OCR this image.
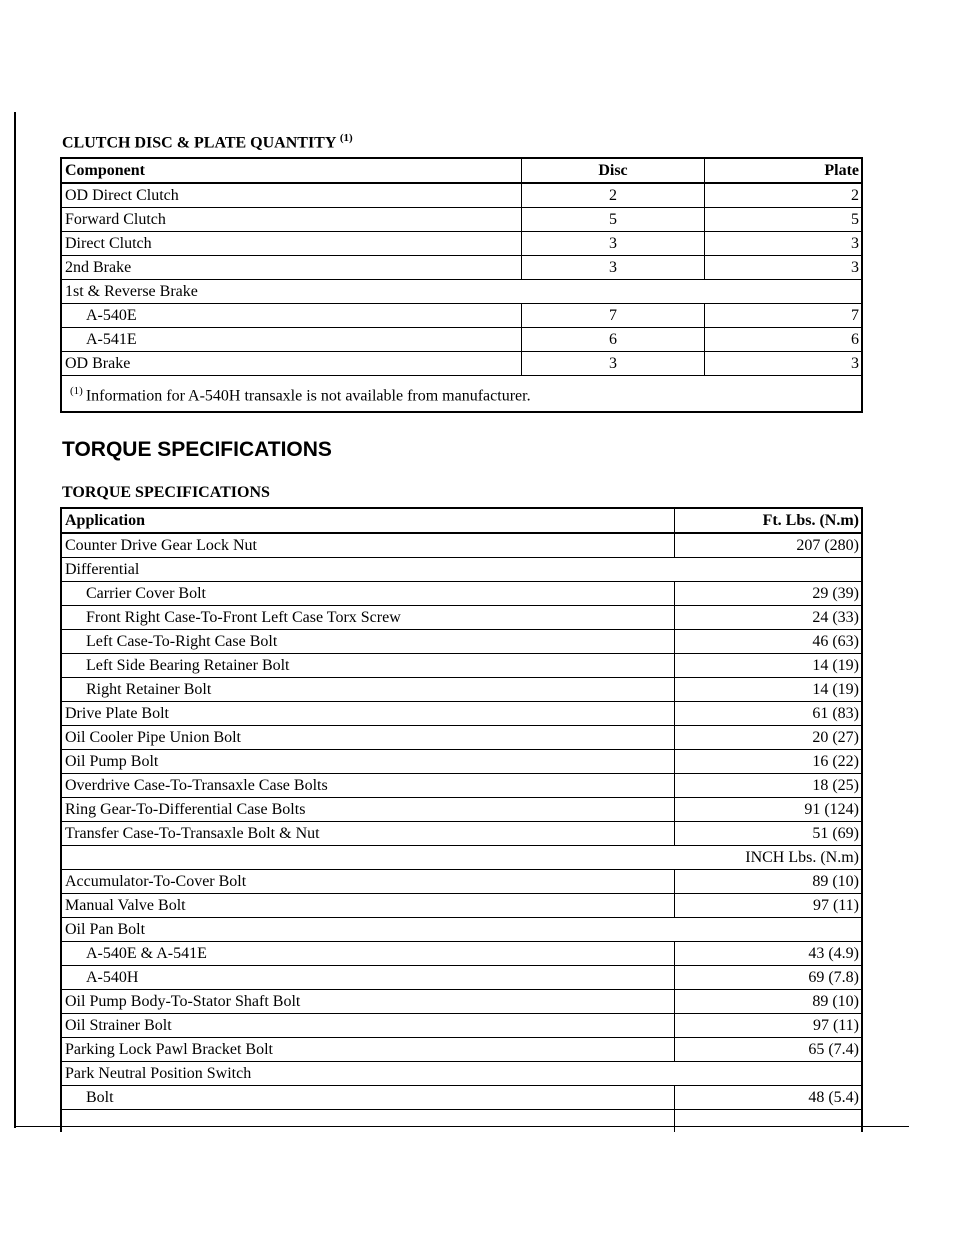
CLUTCH DISC & PLATE QUANTITY $^{(1)}$
Component	Disc	Plate
OD Direct Clutch	2	2
Forward Clutch	5	5
Direct Clutch	3	3
2nd Brake	3	3
1st & Reverse Brake		
A-540E	7	7
A-541E	6	6
OD Brake	3	3
$^{(1)}$ Information for A-540H transaxle is not available from manufacturer.		
TORQUE SPECIFICATIONS
TORQUE SPECIFICATIONS
Application	Ft. Lbs. (N.m)
Counter Drive Gear Lock Nut	207 (280)
Differential	
Carrier Cover Bolt	29 (39)
Front Right Case-To-Front Left Case Torx Screw	24 (33)
Left Case-To-Right Case Bolt	46 (63)
Left Side Bearing Retainer Bolt	14 (19)
Right Retainer Bolt	14 (19)
Drive Plate Bolt	61 (83)
Oil Cooler Pipe Union Bolt	20 (27)
Oil Pump Bolt	16 (22)
Overdrive Case-To-Transaxle Case Bolts	18 (25)
Ring Gear-To-Differential Case Bolts	91 (124)
Transfer Case-To-Transaxle Bolt & Nut	51 (69)
INCH Lbs. (N.m)	
Accumulator-To-Cover Bolt	89 (10)
Manual Valve Bolt	97 (11)
Oil Pan Bolt	
A-540E & A-541E	43 (4.9)
A-540H	69 (7.8)
Oil Pump Body-To-Stator Shaft Bolt	89 (10)
Oil Strainer Bolt	97 (11)
Parking Lock Pawl Bracket Bolt	65 (7.4)
Park Neutral Position Switch	
Bolt	48 (5.4)
